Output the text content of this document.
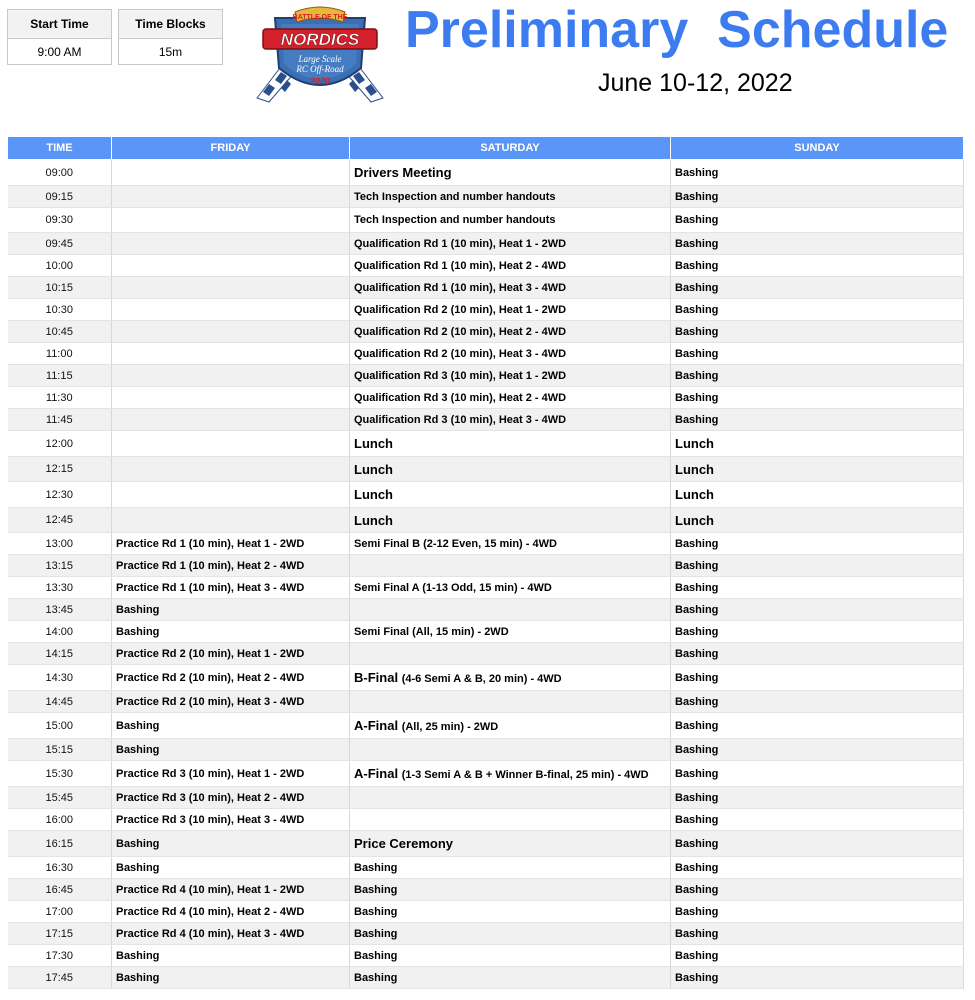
Start Time
9:00 AM
Time Blocks
15m
BATTLE OF THE
NORDICS
Large Scale
RC Off-Road
2020
Preliminary  Schedule
June 10-12, 2022
TIME	FRIDAY	SATURDAY	SUNDAY
09:00		Drivers Meeting	Bashing
09:15		Tech Inspection and number handouts	Bashing
09:30		Tech Inspection and number handouts	Bashing
09:45		Qualification Rd 1 (10 min), Heat 1 - 2WD	Bashing
10:00		Qualification Rd 1 (10 min), Heat 2 - 4WD	Bashing
10:15		Qualification Rd 1 (10 min), Heat 3 - 4WD	Bashing
10:30		Qualification Rd 2 (10 min), Heat 1 - 2WD	Bashing
10:45		Qualification Rd 2 (10 min), Heat 2 - 4WD	Bashing
11:00		Qualification Rd 2 (10 min), Heat 3 - 4WD	Bashing
11:15		Qualification Rd 3 (10 min), Heat 1 - 2WD	Bashing
11:30		Qualification Rd 3 (10 min), Heat 2 - 4WD	Bashing
11:45		Qualification Rd 3 (10 min), Heat 3 - 4WD	Bashing
12:00		Lunch	Lunch
12:15		Lunch	Lunch
12:30		Lunch	Lunch
12:45		Lunch	Lunch
13:00	Practice Rd 1 (10 min), Heat 1 - 2WD	Semi Final B (2-12 Even, 15 min) - 4WD	Bashing
13:15	Practice Rd 1 (10 min), Heat 2 - 4WD		Bashing
13:30	Practice Rd 1 (10 min), Heat 3 - 4WD	Semi Final A (1-13 Odd, 15 min) - 4WD	Bashing
13:45	Bashing		Bashing
14:00	Bashing	Semi Final (All, 15 min) - 2WD	Bashing
14:15	Practice Rd 2 (10 min), Heat 1 - 2WD		Bashing
14:30	Practice Rd 2 (10 min), Heat 2 - 4WD	B-Final (4-6 Semi A & B, 20 min) - 4WD	Bashing
14:45	Practice Rd 2 (10 min), Heat 3 - 4WD		Bashing
15:00	Bashing	A-Final (All, 25 min) - 2WD	Bashing
15:15	Bashing		Bashing
15:30	Practice Rd 3 (10 min), Heat 1 - 2WD	A-Final (1-3 Semi A & B + Winner B-final, 25 min) - 4WD	Bashing
15:45	Practice Rd 3 (10 min), Heat 2 - 4WD		Bashing
16:00	Practice Rd 3 (10 min), Heat 3 - 4WD		Bashing
16:15	Bashing	Price Ceremony	Bashing
16:30	Bashing	Bashing	Bashing
16:45	Practice Rd 4 (10 min), Heat 1 - 2WD	Bashing	Bashing
17:00	Practice Rd 4 (10 min), Heat 2 - 4WD	Bashing	Bashing
17:15	Practice Rd 4 (10 min), Heat 3 - 4WD	Bashing	Bashing
17:30	Bashing	Bashing	Bashing
17:45	Bashing	Bashing	Bashing
